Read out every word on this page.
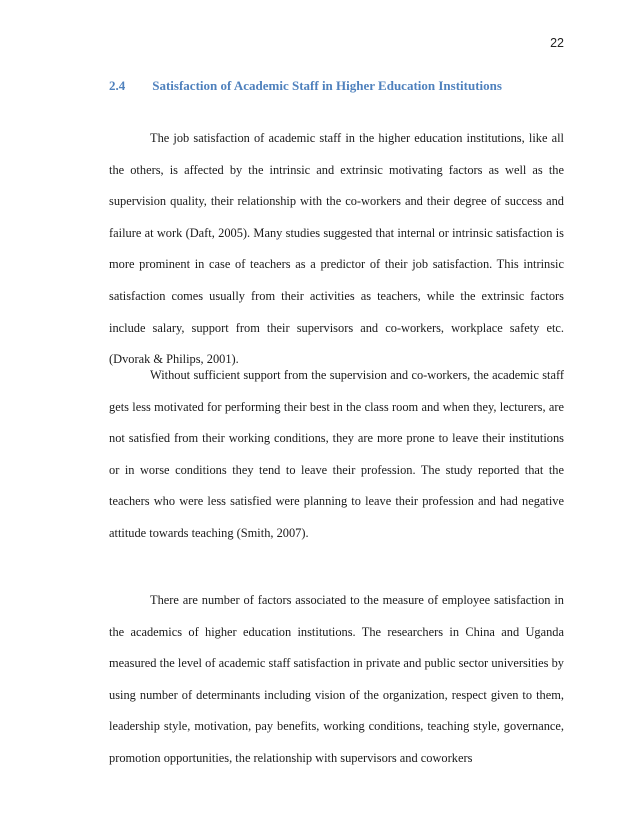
22
2.4 Satisfaction of Academic Staff in Higher Education Institutions

The job satisfaction of academic staff in the higher education institutions, like all the others, is affected by the intrinsic and extrinsic motivating factors as well as the supervision quality, their relationship with the co-workers and their degree of success and failure at work (Daft, 2005). Many studies suggested that internal or intrinsic satisfaction is more prominent in case of teachers as a predictor of their job satisfaction. This intrinsic satisfaction comes usually from their activities as teachers, while the extrinsic factors include salary, support from their supervisors and co-workers, workplace safety etc. (Dvorak & Philips, 2001).

Without sufficient support from the supervision and co-workers, the academic staff gets less motivated for performing their best in the class room and when they, lecturers, are not satisfied from their working conditions, they are more prone to leave their institutions or in worse conditions they tend to leave their profession. The study reported that the teachers who were less satisfied were planning to leave their profession and had negative attitude towards teaching (Smith, 2007).

There are number of factors associated to the measure of employee satisfaction in the academics of higher education institutions. The researchers in China and Uganda measured the level of academic staff satisfaction in private and public sector universities by using number of determinants including vision of the organization, respect given to them, leadership style, motivation, pay benefits, working conditions, teaching style, governance, promotion opportunities, the relationship with supervisors and coworkers
